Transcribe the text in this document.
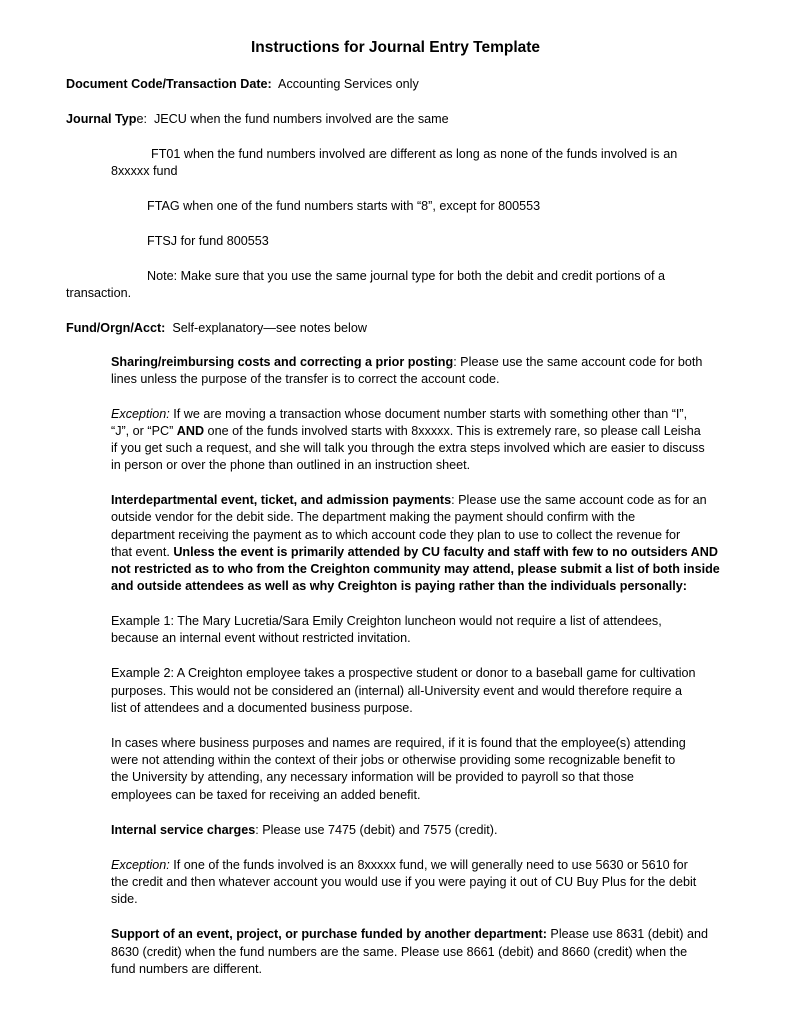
Instructions for Journal Entry Template
Document Code/Transaction Date: Accounting Services only
Journal Type: JECU when the fund numbers involved are the same
FT01 when the fund numbers involved are different as long as none of the funds involved is an
8xxxxx fund
FTAG when one of the fund numbers starts with “8”, except for 800553
FTSJ for fund 800553
Note: Make sure that you use the same journal type for both the debit and credit portions of a
transaction.
Fund/Orgn/Acct: Self-explanatory—see notes below
Sharing/reimbursing costs and correcting a prior posting: Please use the same account code for both
lines unless the purpose of the transfer is to correct the account code.
Exception: If we are moving a transaction whose document number starts with something other than “I”,
“J”, or “PC” AND one of the funds involved starts with 8xxxxx. This is extremely rare, so please call Leisha
if you get such a request, and she will talk you through the extra steps involved which are easier to discuss
in person or over the phone than outlined in an instruction sheet.
Interdepartmental event, ticket, and admission payments: Please use the same account code as for an
outside vendor for the debit side. The department making the payment should confirm with the
department receiving the payment as to which account code they plan to use to collect the revenue for
that event. Unless the event is primarily attended by CU faculty and staff with few to no outsiders AND
not restricted as to who from the Creighton community may attend, please submit a list of both inside
and outside attendees as well as why Creighton is paying rather than the individuals personally:
Example 1: The Mary Lucretia/Sara Emily Creighton luncheon would not require a list of attendees,
because an internal event without restricted invitation.
Example 2: A Creighton employee takes a prospective student or donor to a baseball game for cultivation
purposes. This would not be considered an (internal) all-University event and would therefore require a
list of attendees and a documented business purpose.
In cases where business purposes and names are required, if it is found that the employee(s) attending
were not attending within the context of their jobs or otherwise providing some recognizable benefit to
the University by attending, any necessary information will be provided to payroll so that those
employees can be taxed for receiving an added benefit.
Internal service charges: Please use 7475 (debit) and 7575 (credit).
Exception: If one of the funds involved is an 8xxxxx fund, we will generally need to use 5630 or 5610 for
the credit and then whatever account you would use if you were paying it out of CU Buy Plus for the debit
side.
Support of an event, project, or purchase funded by another department: Please use 8631 (debit) and
8630 (credit) when the fund numbers are the same. Please use 8661 (debit) and 8660 (credit) when the
fund numbers are different.
